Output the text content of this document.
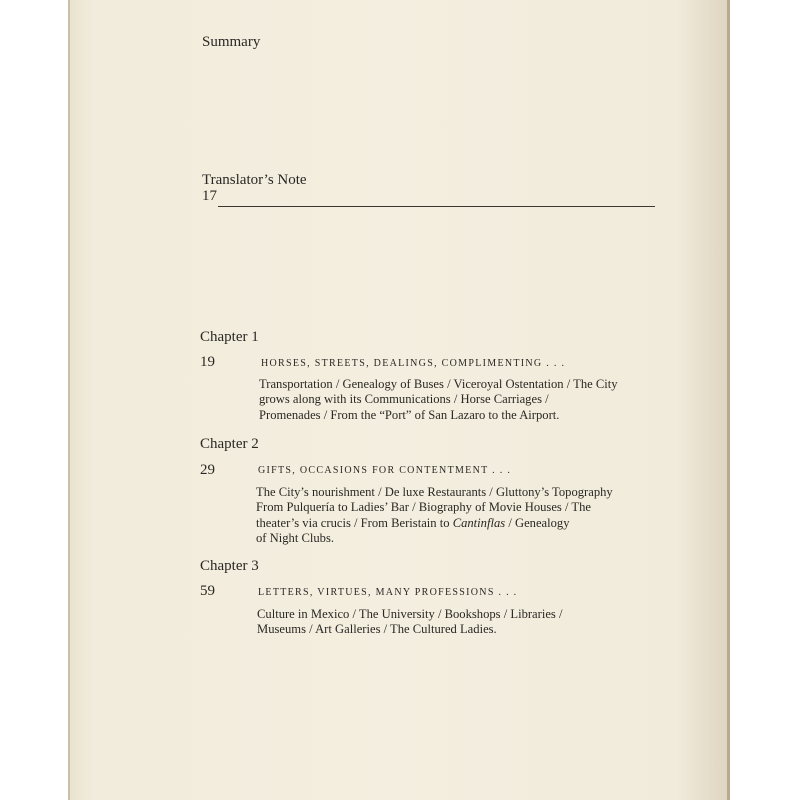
Summary
Translator’s Note
17
Chapter 1
19	HORSES, STREETS, DEALINGS, COMPLIMENTING . . .
Transportation / Genealogy of Buses / Viceroyal Ostentation / The City
grows along with its Communications / Horse Carriages /
Promenades / From the “Port” of San Lazaro to the Airport.
Chapter 2
29	GIFTS, OCCASIONS FOR CONTENTMENT . . .
The City’s nourishment / De luxe Restaurants / Gluttony’s Topography
From Pulquería to Ladies’ Bar / Biography of Movie Houses / The
theater’s via crucis / From Beristain to Cantinflas / Genealogy
of Night Clubs.
Chapter 3
59	LETTERS, VIRTUES, MANY PROFESSIONS . . .
Culture in Mexico / The University / Bookshops / Libraries /
Museums / Art Galleries / The Cultured Ladies.
